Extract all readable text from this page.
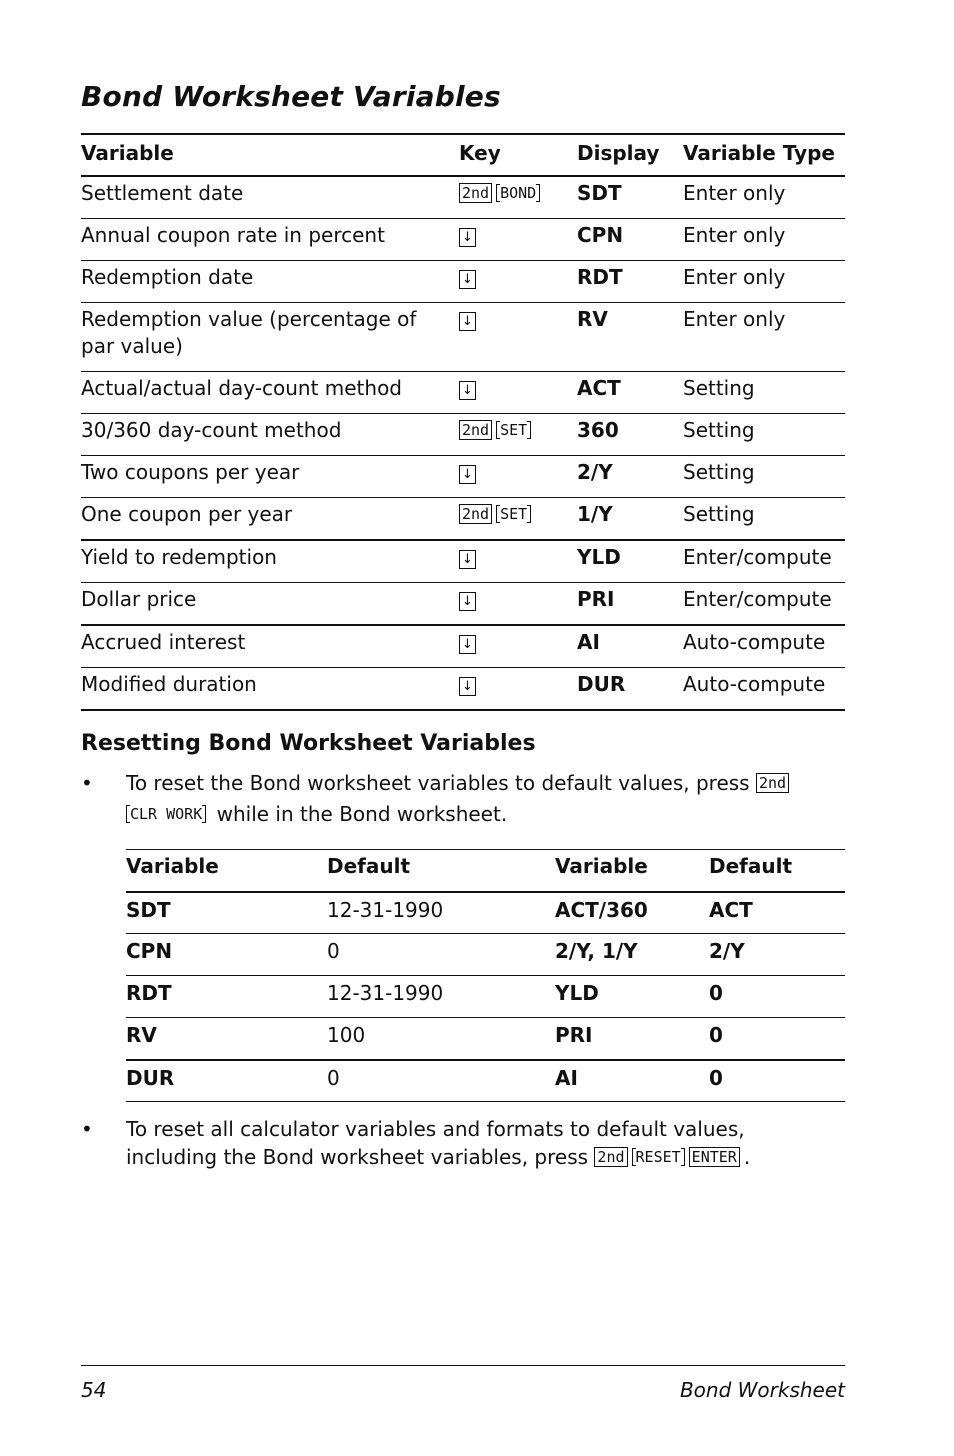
Bond Worksheet Variables
Variable	Key	Display	Variable Type
Settlement date	2nd BOND	SDT	Enter only
Annual coupon rate in percent	↓	CPN	Enter only
Redemption date	↓	RDT	Enter only
Redemption value (percentage of par value)	↓	RV	Enter only
Actual/actual day-count method	↓	ACT	Setting
30/360 day-count method	2nd SET	360	Setting
Two coupons per year	↓	2/Y	Setting
One coupon per year	2nd SET	1/Y	Setting
Yield to redemption	↓	YLD	Enter/compute
Dollar price	↓	PRI	Enter/compute
Accrued interest	↓	AI	Auto-compute
Modified duration	↓	DUR	Auto-compute
Resetting Bond Worksheet Variables
• To reset the Bond worksheet variables to default values, press 2nd
CLR WORK while in the Bond worksheet.
Variable	Default	Variable	Default
SDT	12-31-1990	ACT/360	ACT
CPN	0	2/Y, 1/Y	2/Y
RDT	12-31-1990	YLD	0
RV	100	PRI	0
DUR	0	AI	0
• To reset all calculator variables and formats to default values,
including the Bond worksheet variables, press 2nd RESET ENTER .
54	Bond Worksheet
